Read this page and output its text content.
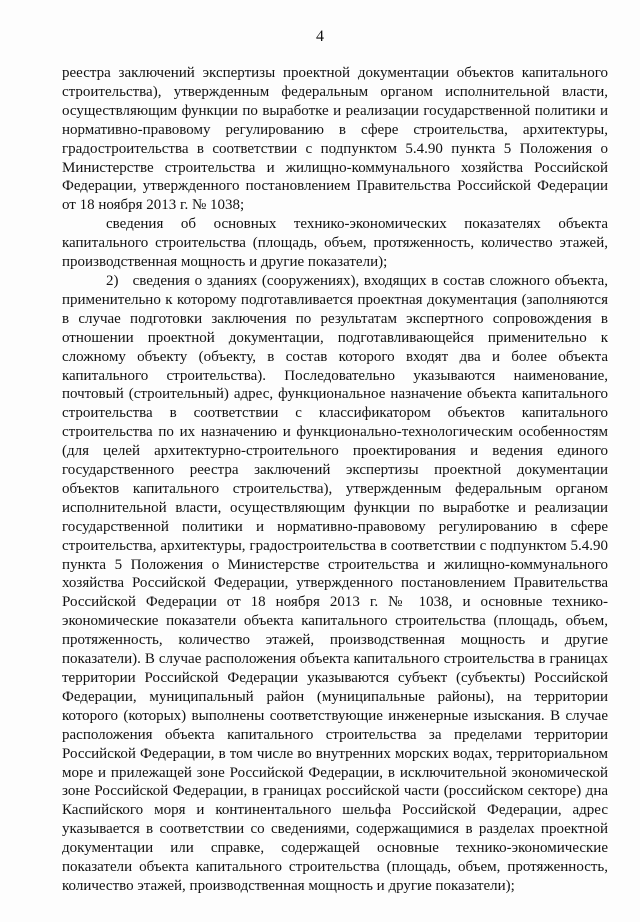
4

реестра заключений экспертизы проектной документации объектов капитального строительства), утвержденным федеральным органом исполнительной власти, осуществляющим функции по выработке и реализации государственной политики и нормативно-правовому регулированию в сфере строительства, архитектуры, градостроительства в соответствии с подпунктом 5.4.90 пункта 5 Положения о Министерстве строительства и жилищно-коммунального хозяйства Российской Федерации, утвержденного постановлением Правительства Российской Федерации от 18 ноября 2013 г. № 1038;

сведения об основных технико-экономических показателях объекта капитального строительства (площадь, объем, протяженность, количество этажей, производственная мощность и другие показатели);

2)   сведения о зданиях (сооружениях), входящих в состав сложного объекта, применительно к которому подготавливается проектная документация (заполняются в случае подготовки заключения по результатам экспертного сопровождения в отношении проектной документации, подготавливающейся применительно к сложному объекту (объекту, в состав которого входят два и более объекта капитального строительства). Последовательно указываются наименование, почтовый (строительный) адрес, функциональное назначение объекта капитального строительства в соответствии с классификатором объектов капитального строительства по их назначению и функционально-технологическим особенностям (для целей архитектурно-строительного проектирования и ведения единого государственного реестра заключений экспертизы проектной документации объектов капитального строительства), утвержденным федеральным органом исполнительной власти, осуществляющим функции по выработке и реализации государственной политики и нормативно-правовому регулированию в сфере строительства, архитектуры, градостроительства в соответствии с подпунктом 5.4.90 пункта 5 Положения о Министерстве строительства и жилищно-коммунального хозяйства Российской Федерации, утвержденного постановлением Правительства Российской Федерации от 18 ноября 2013 г. № 1038, и основные технико-экономические показатели объекта капитального строительства (площадь, объем, протяженность, количество этажей, производственная мощность и другие показатели). В случае расположения объекта капитального строительства в границах территории Российской Федерации указываются субъект (субъекты) Российской Федерации, муниципальный район (муниципальные районы), на территории которого (которых) выполнены соответствующие инженерные изыскания. В случае расположения объекта капитального строительства за пределами территории Российской Федерации, в том числе во внутренних морских водах, территориальном море и прилежащей зоне Российской Федерации, в исключительной экономической зоне Российской Федерации, в границах российской части (российском секторе) дна Каспийского моря и континентального шельфа Российской Федерации, адрес указывается в соответствии со сведениями, содержащимися в разделах проектной документации или справке, содержащей основные технико-экономические показатели объекта капитального строительства (площадь, объем, протяженность, количество этажей, производственная мощность и другие показатели);
